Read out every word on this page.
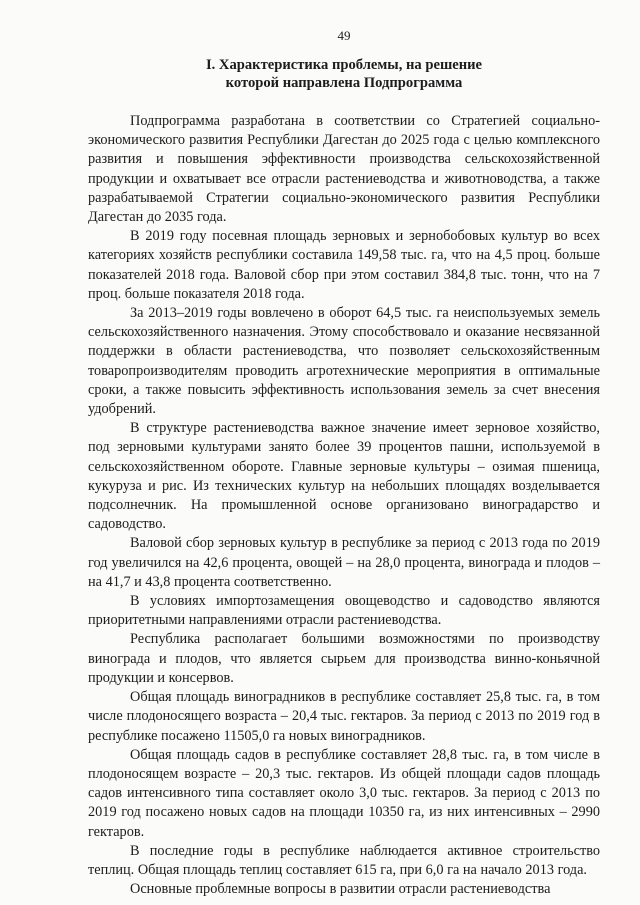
49
I. Характеристика проблемы, на решение
которой направлена Подпрограмма

Подпрограмма разработана в соответствии со Стратегией социально-экономического развития Республики Дагестан до 2025 года с целью комплексного развития и повышения эффективности производства сельскохозяйственной продукции и охватывает все отрасли растениеводства и животноводства, а также разрабатываемой Стратегии социально-экономического развития Республики Дагестан до 2035 года.

В 2019 году посевная площадь зерновых и зернобобовых культур во всех категориях хозяйств республики составила 149,58 тыс. га, что на 4,5 проц. больше показателей 2018 года. Валовой сбор при этом составил 384,8 тыс. тонн, что на 7 проц. больше показателя 2018 года.

За 2013–2019 годы вовлечено в оборот 64,5 тыс. га неиспользуемых земель сельскохозяйственного назначения. Этому способствовало и оказание несвязанной поддержки в области растениеводства, что позволяет сельскохозяйственным товаропроизводителям проводить агротехнические мероприятия в оптимальные сроки, а также повысить эффективность использования земель за счет внесения удобрений.

В структуре растениеводства важное значение имеет зерновое хозяйство, под зерновыми культурами занято более 39 процентов пашни, используемой в сельскохозяйственном обороте. Главные зерновые культуры – озимая пшеница, кукуруза и рис. Из технических культур на небольших площадях возделывается подсолнечник. На промышленной основе организовано виноградарство и садоводство.

Валовой сбор зерновых культур в республике за период с 2013 года по 2019 год увеличился на 42,6 процента, овощей – на 28,0 процента, винограда и плодов – на 41,7 и 43,8 процента соответственно.

В условиях импортозамещения овощеводство и садоводство являются приоритетными направлениями отрасли растениеводства.

Республика располагает большими возможностями по производству винограда и плодов, что является сырьем для производства винно-коньячной продукции и консервов.

Общая площадь виноградников в республике составляет 25,8 тыс. га, в том числе плодоносящего возраста – 20,4 тыс. гектаров. За период с 2013 по 2019 год в республике посажено 11505,0 га новых виноградников.

Общая площадь садов в республике составляет 28,8 тыс. га, в том числе в плодоносящем возрасте – 20,3 тыс. гектаров. Из общей площади садов площадь садов интенсивного типа составляет около 3,0 тыс. гектаров. За период с 2013 по 2019 год посажено новых садов на площади 10350 га, из них интенсивных – 2990 гектаров.

В последние годы в республике наблюдается активное строительство теплиц. Общая площадь теплиц составляет 615 га, при 6,0 га на начало 2013 года.

Основные проблемные вопросы в развитии отрасли растениеводства
